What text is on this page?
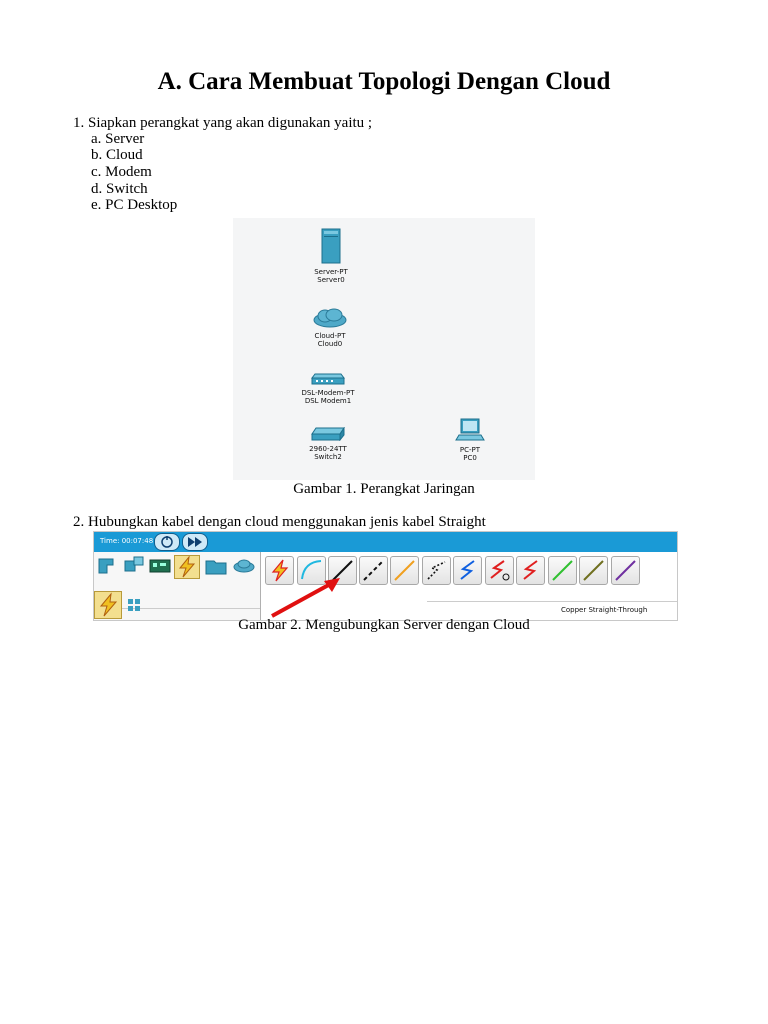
A. Cara Membuat Topologi Dengan Cloud
1. Siapkan perangkat yang akan digunakan yaitu ;
a. Server
b. Cloud
c. Modem
d. Switch
e. PC Desktop
Server-PT
Server0
Cloud-PT
Cloud0
DSL-Modem-PT
DSL Modem1
2960-24TT
Switch2
PC-PT
PC0
Gambar 1. Perangkat Jaringan
2. Hubungkan kabel dengan cloud menggunakan jenis kabel Straight
Time: 00:07:48
Copper Straight-Through
Gambar 2. Mengubungkan Server dengan Cloud
